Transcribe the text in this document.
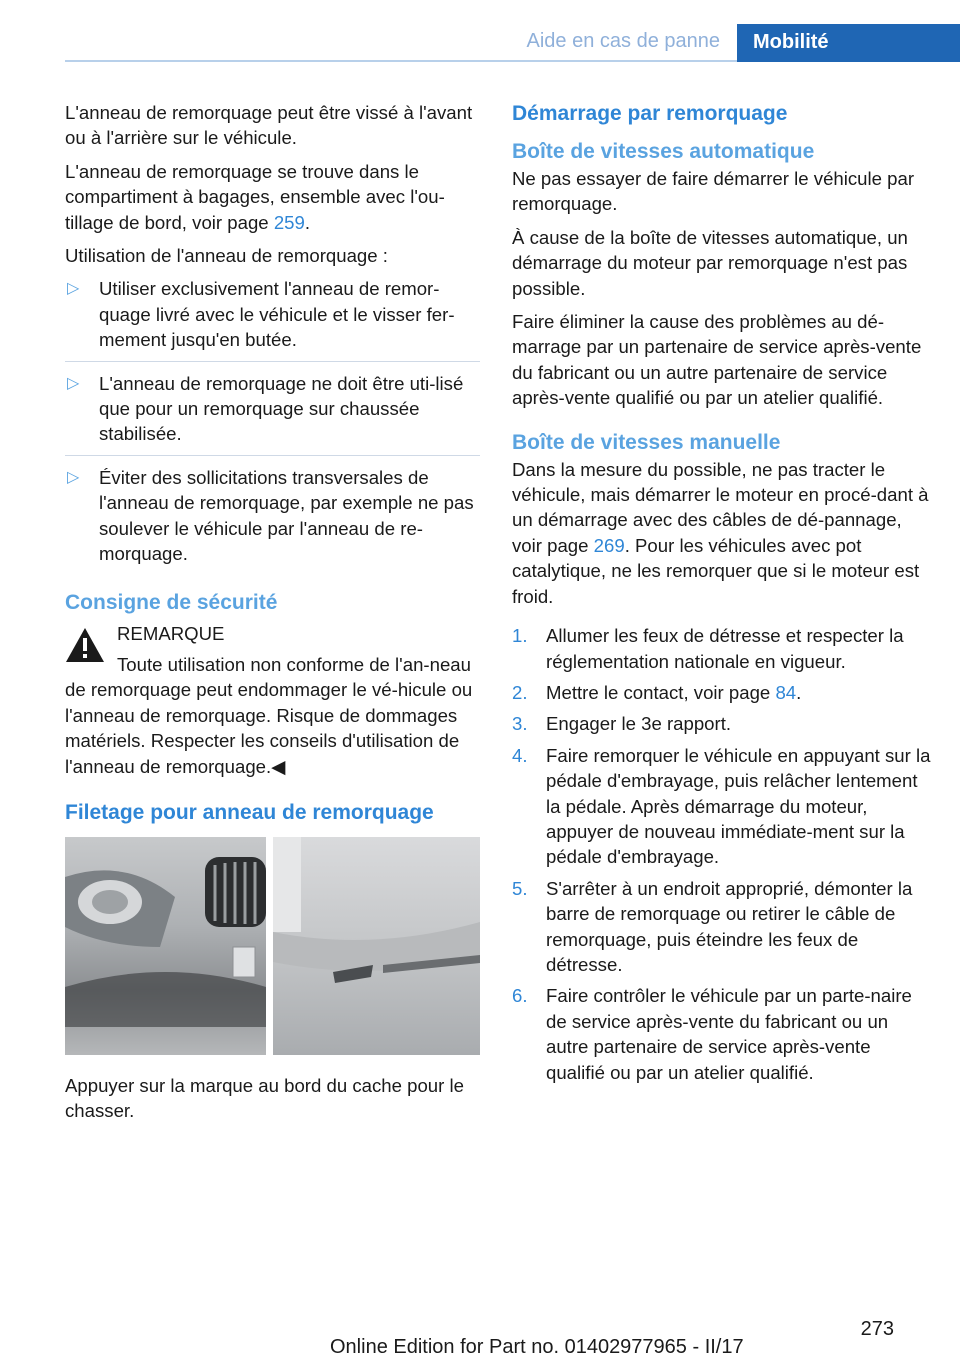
Aide en cas de panne	Mobilité

L'anneau de remorquage peut être vissé à l'avant ou à l'arrière sur le véhicule.

L'anneau de remorquage se trouve dans le compartiment à bagages, ensemble avec l'ou‐tillage de bord, voir page 259.

Utilisation de l'anneau de remorquage :

▷ Utiliser exclusivement l'anneau de remor‐quage livré avec le véhicule et le visser fer‐mement jusqu'en butée.
▷ L'anneau de remorquage ne doit être uti‐lisé que pour un remorquage sur chaussée stabilisée.
▷ Éviter des sollicitations transversales de l'anneau de remorquage, par exemple ne pas soulever le véhicule par l'anneau de re‐morquage.
Consigne de sécurité
REMARQUE
Toute utilisation non conforme de l'an‐neau de remorquage peut endommager le vé‐hicule ou l'anneau de remorquage. Risque de dommages matériels. Respecter les conseils d'utilisation de l'anneau de remorquage.◀
Filetage pour anneau de remorquage

Appuyer sur la marque au bord du cache pour le chasser.

Démarrage par remorquage
Boîte de vitesses automatique

Ne pas essayer de faire démarrer le véhicule par remorquage.

À cause de la boîte de vitesses automatique, un démarrage du moteur par remorquage n'est pas possible.

Faire éliminer la cause des problèmes au dé‐marrage par un partenaire de service après-vente du fabricant ou un autre partenaire de service après-vente qualifié ou par un atelier qualifié.

Boîte de vitesses manuelle

Dans la mesure du possible, ne pas tracter le véhicule, mais démarrer le moteur en procé‐dant à un démarrage avec des câbles de dé‐pannage, voir page 269. Pour les véhicules avec pot catalytique, ne les remorquer que si le moteur est froid.

1. Allumer les feux de détresse et respecter la réglementation nationale en vigueur.
2. Mettre le contact, voir page 84.
3. Engager le 3e rapport.
4. Faire remorquer le véhicule en appuyant sur la pédale d'embrayage, puis relâcher lentement la pédale. Après démarrage du moteur, appuyer de nouveau immédiate‐ment sur la pédale d'embrayage.
5. S'arrêter à un endroit approprié, démonter la barre de remorquage ou retirer le câble de remorquage, puis éteindre les feux de détresse.
6. Faire contrôler le véhicule par un parte‐naire de service après-vente du fabricant ou un autre partenaire de service après-vente qualifié ou par un atelier qualifié.
273
Online Edition for Part no. 01402977965 - II/17
